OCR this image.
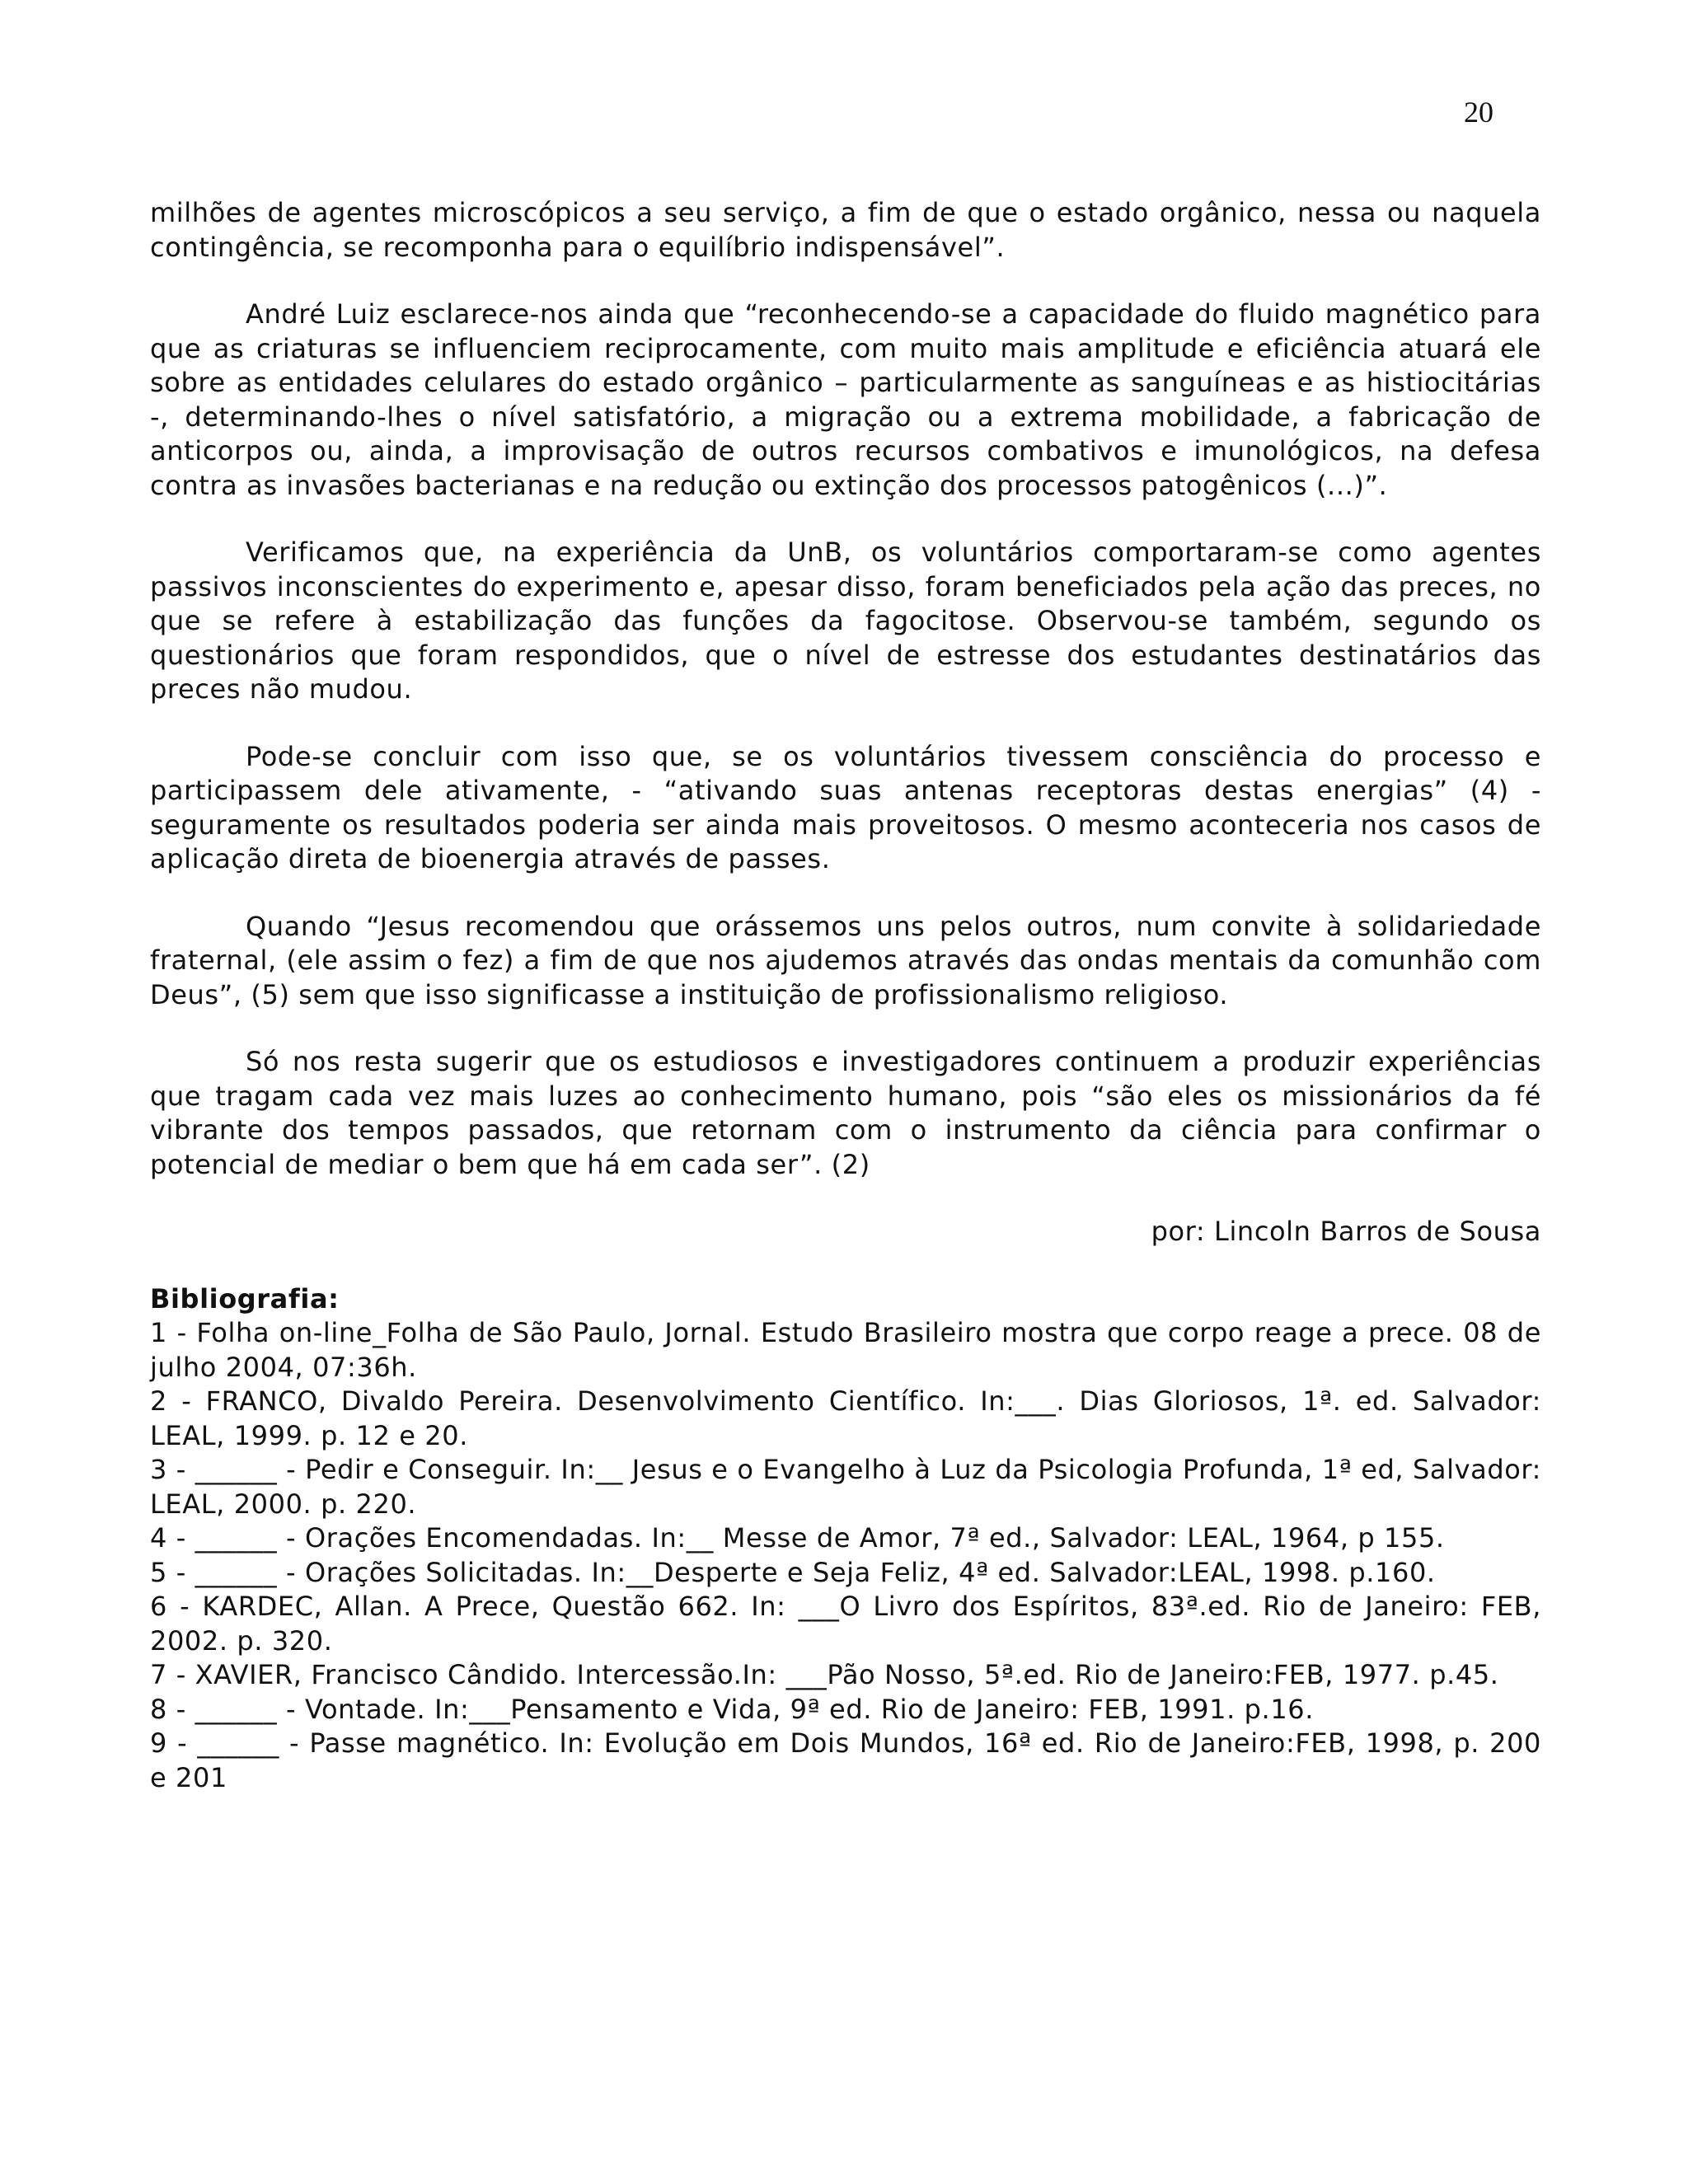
20

milhões de agentes microscópicos a seu serviço, a fim de que o estado orgânico, nessa ou naquela contingência, se recomponha para o equilíbrio indispensável”.

André Luiz esclarece-nos ainda que “reconhecendo-se a capacidade do fluido magnético para que as criaturas se influenciem reciprocamente, com muito mais amplitude e eficiência atuará ele sobre as entidades celulares do estado orgânico – particularmente as sanguíneas e as histiocitárias -, determinando-lhes o nível satisfatório, a migração ou a extrema mobilidade, a fabricação de anticorpos ou, ainda, a improvisação de outros recursos combativos e imunológicos, na defesa contra as invasões bacterianas e na redução ou extinção dos processos patogênicos (...)”.

Verificamos que, na experiência da UnB, os voluntários comportaram-se como agentes passivos inconscientes do experimento e, apesar disso, foram beneficiados pela ação das preces, no que se refere à estabilização das funções da fagocitose. Observou-se também, segundo os questionários que foram respondidos, que o nível de estresse dos estudantes destinatários das preces não mudou.

Pode-se concluir com isso que, se os voluntários tivessem consciência do processo e participassem dele ativamente, - “ativando suas antenas receptoras destas energias” (4) - seguramente os resultados poderia ser ainda mais proveitosos. O mesmo aconteceria nos casos de aplicação direta de bioenergia através de passes.

Quando “Jesus recomendou que orássemos uns pelos outros, num convite à solidariedade fraternal, (ele assim o fez) a fim de que nos ajudemos através das ondas mentais da comunhão com Deus”, (5) sem que isso significasse a instituição de profissionalismo religioso.

Só nos resta sugerir que os estudiosos e investigadores continuem a produzir experiências que tragam cada vez mais luzes ao conhecimento humano, pois “são eles os missionários da fé vibrante dos tempos passados, que retornam com o instrumento da ciência para confirmar o potencial de mediar o bem que há em cada ser”. (2)

por: Lincoln Barros de Sousa

Bibliografia:

1 - Folha on-line_Folha de São Paulo, Jornal. Estudo Brasileiro mostra que corpo reage a prece. 08 de julho 2004, 07:36h.
2 - FRANCO, Divaldo Pereira. Desenvolvimento Científico. In:___. Dias Gloriosos, 1ª. ed. Salvador: LEAL, 1999. p. 12 e 20.
3 - ______ - Pedir e Conseguir. In:__ Jesus e o Evangelho à Luz da Psicologia Profunda, 1ª ed, Salvador: LEAL, 2000. p. 220.
4 - ______ - Orações Encomendadas. In:__ Messe de Amor, 7ª ed., Salvador: LEAL, 1964, p 155.
5 - ______ - Orações Solicitadas. In:__Desperte e Seja Feliz, 4ª ed. Salvador:LEAL, 1998. p.160.
6 - KARDEC, Allan. A Prece, Questão 662. In: ___O Livro dos Espíritos, 83ª.ed. Rio de Janeiro: FEB, 2002. p. 320.
7 - XAVIER, Francisco Cândido. Intercessão.In: ___Pão Nosso, 5ª.ed. Rio de Janeiro:FEB, 1977. p.45.
8 - ______ - Vontade. In:___Pensamento e Vida, 9ª ed. Rio de Janeiro: FEB, 1991. p.16.
9 - ______ - Passe magnético. In: Evolução em Dois Mundos, 16ª ed. Rio de Janeiro:FEB, 1998, p. 200 e 201
